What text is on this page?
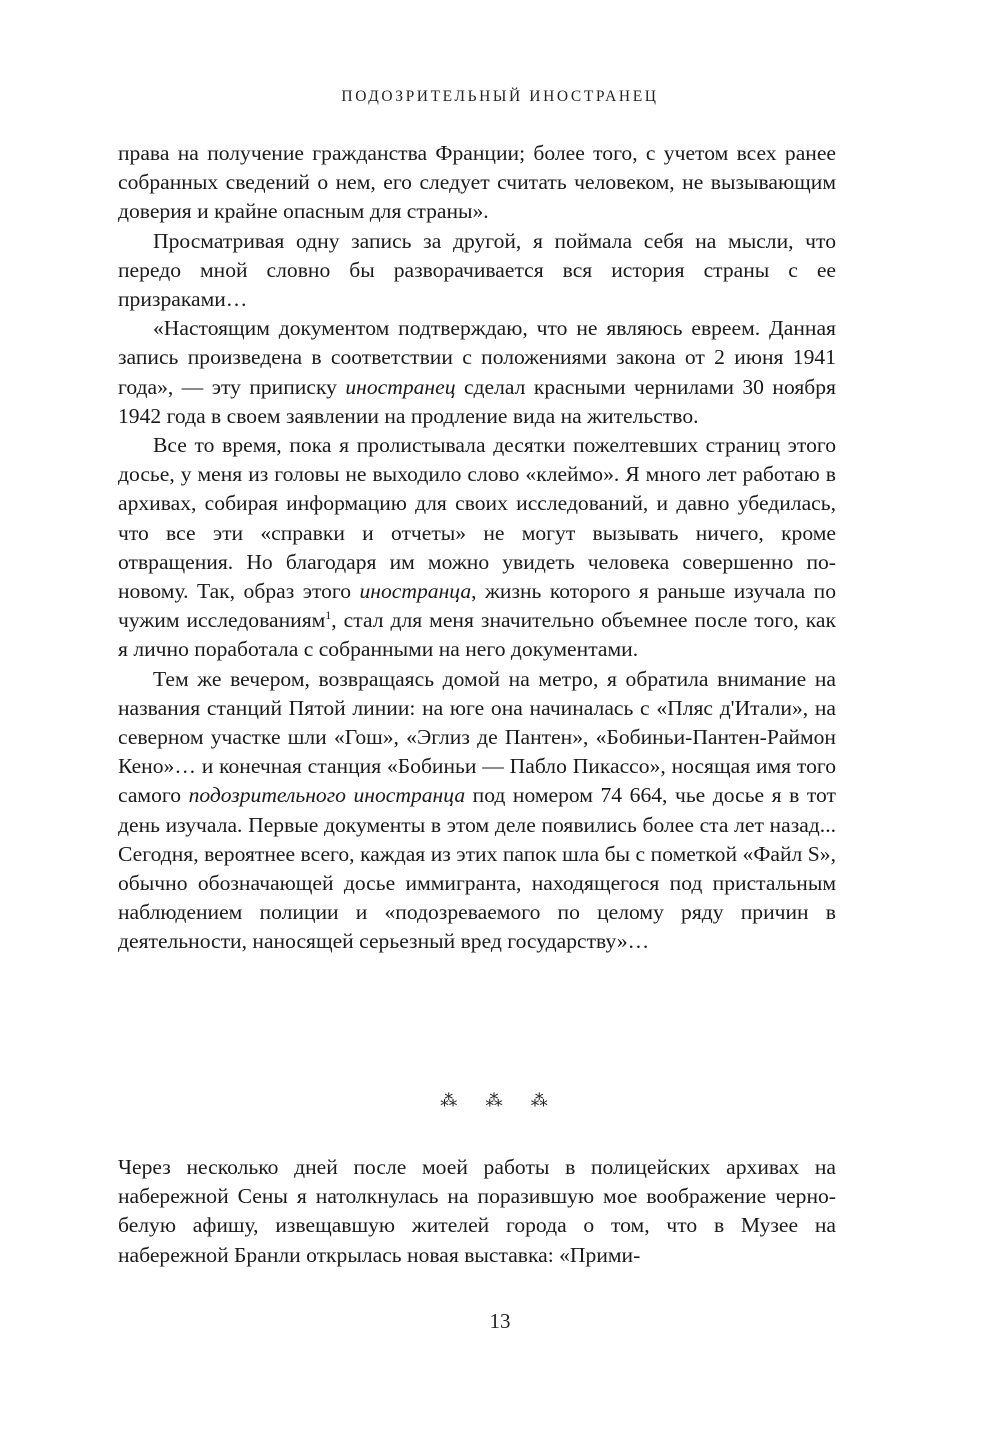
ПОДОЗРИТЕЛЬНЫЙ ИНОСТРАНЕЦ

права на получение гражданства Франции; более того, с учетом всех ранее собранных сведений о нем, его следует считать человеком, не вызывающим доверия и крайне опасным для страны».

Просматривая одну запись за другой, я поймала себя на мысли, что передо мной словно бы разворачивается вся история страны с ее призраками…

«Настоящим документом подтверждаю, что не являюсь евреем. Данная запись произведена в соответствии с положениями закона от 2 июня 1941 года», — эту приписку иностранец сделал красными чернилами 30 ноября 1942 года в своем заявлении на продление вида на жительство.

Все то время, пока я пролистывала десятки пожелтевших страниц этого досье, у меня из головы не выходило слово «клеймо». Я много лет работаю в архивах, собирая информацию для своих исследований, и давно убедилась, что все эти «справки и отчеты» не могут вызывать ничего, кроме отвращения. Но благодаря им можно увидеть человека совершенно по-новому. Так, образ этого иностранца, жизнь которого я раньше изучала по чужим исследованиям$^1$, стал для меня значительно объемнее после того, как я лично поработала с собранными на него документами.

Тем же вечером, возвращаясь домой на метро, я обратила внимание на названия станций Пятой линии: на юге она начиналась с «Пляс д'Итали», на северном участке шли «Гош», «Эглиз де Пантен», «Бобиньи-Пантен-Раймон Кено»… и конечная станция «Бобиньи — Пабло Пикассо», носящая имя того самого подозрительного иностранца под номером 74 664, чье досье я в тот день изучала. Первые документы в этом деле появились более ста лет назад... Сегодня, вероятнее всего, каждая из этих папок шла бы с пометкой «Файл S», обычно обозначающей досье иммигранта, находящегося под пристальным наблюдением полиции и «подозреваемого по целому ряду причин в деятельности, наносящей серьезный вред государству»…

⁂ ⁂ ⁂

Через несколько дней после моей работы в полицейских архивах на набережной Сены я натолкнулась на поразившую мое воображение черно-белую афишу, извещавшую жителей города о том, что в Музее на набережной Бранли открылась новая выставка: «Прими-

13
